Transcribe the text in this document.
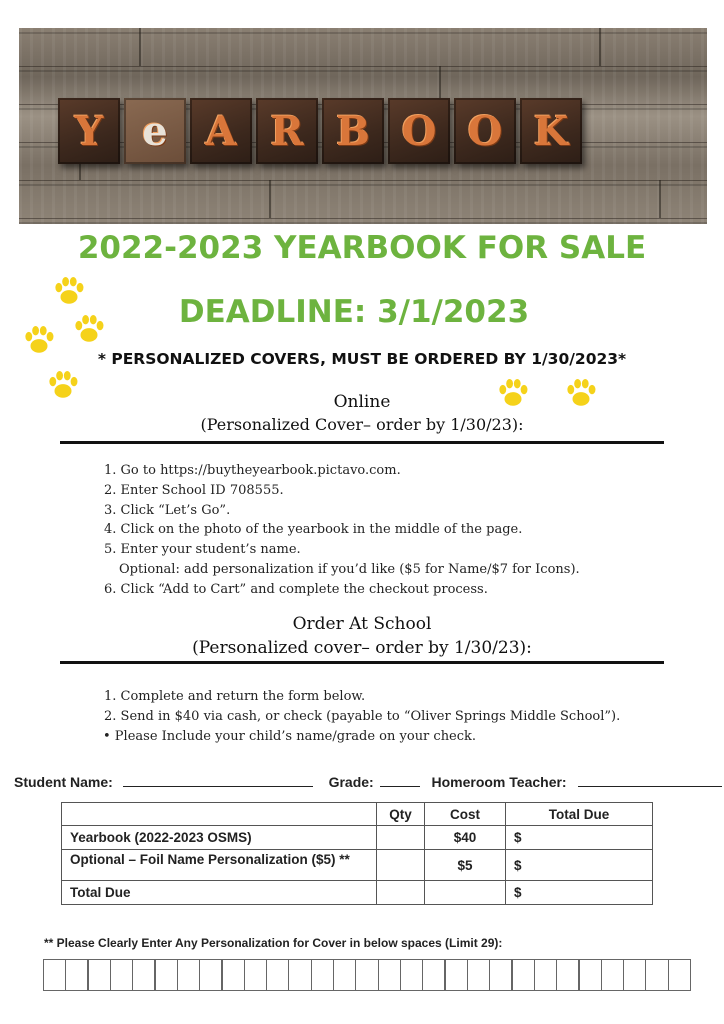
Y e A R B O O K
2022-2023 YEARBOOK FOR SALE
DEADLINE: 3/1/2023
* PERSONALIZED COVERS, MUST BE ORDERED BY 1/30/2023*
Online
(Personalized Cover– order by 1/30/23):
1. Go to https://buytheyearbook.pictavo.com.
2. Enter School ID 708555.
3. Click “Let’s Go”.
4. Click on the photo of the yearbook in the middle of the page.
5. Enter your student’s name.
Optional: add personalization if you’d like ($5 for Name/$7 for Icons).
6. Click “Add to Cart” and complete the checkout process.
Order At School
(Personalized cover– order by 1/30/23):
1. Complete and return the form below.
2. Send in $40 via cash, or check (payable to “Oliver Springs Middle School”).
• Please Include your child’s name/grade on your check.
Student Name:	Grade:	Homeroom Teacher:
	Qty	Cost	Total Due
Yearbook (2022-2023 OSMS)		$40	$
Optional – Foil Name Personalization ($5) **		$5	$
Total Due			$
** Please Clearly Enter Any Personalization for Cover in below spaces (Limit 29):
